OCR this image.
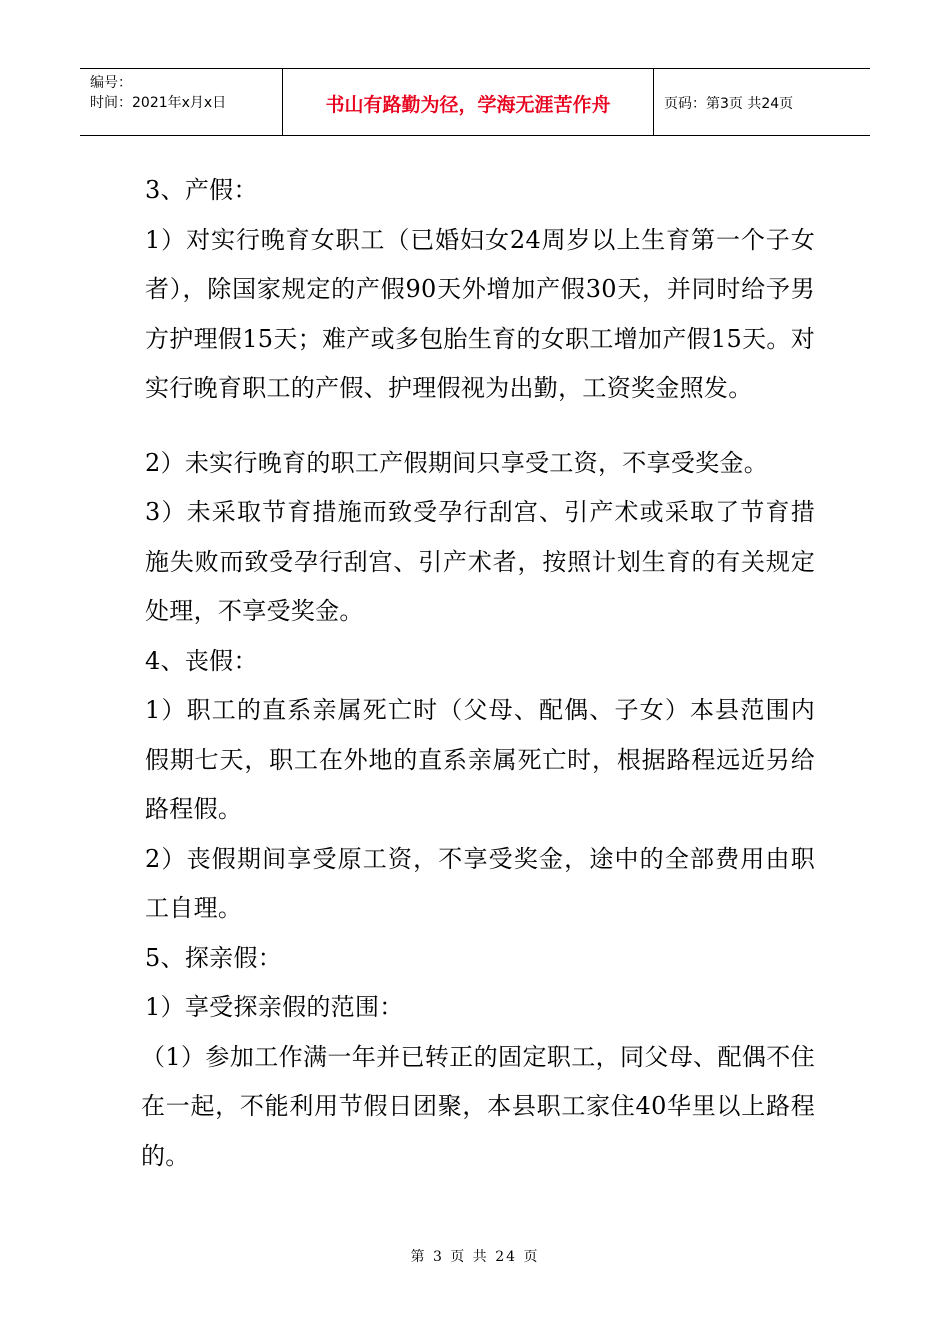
编号：
时间：2021年x月x日	书山有路勤为径，学海无涯苦作舟	页码：第3页 共24页

3、产假：

1）对实行晚育女职工（已婚妇女24周岁以上生育第一个子女者），除国家规定的产假90天外增加产假30天，并同时给予男方护理假15天；难产或多包胎生育的女职工增加产假15天。对实行晚育职工的产假、护理假视为出勤，工资奖金照发。

2）未实行晚育的职工产假期间只享受工资，不享受奖金。

3）未采取节育措施而致受孕行刮宫、引产术或采取了节育措施失败而致受孕行刮宫、引产术者，按照计划生育的有关规定处理，不享受奖金。

4、丧假：

1）职工的直系亲属死亡时（父母、配偶、子女）本县范围内假期七天，职工在外地的直系亲属死亡时，根据路程远近另给路程假。

2）丧假期间享受原工资，不享受奖金，途中的全部费用由职工自理。

5、探亲假：

1）享受探亲假的范围：

（1）参加工作满一年并已转正的固定职工，同父母、配偶不住在一起，不能利用节假日团聚，本县职工家住40华里以上路程的。

第 3 页 共 24 页
